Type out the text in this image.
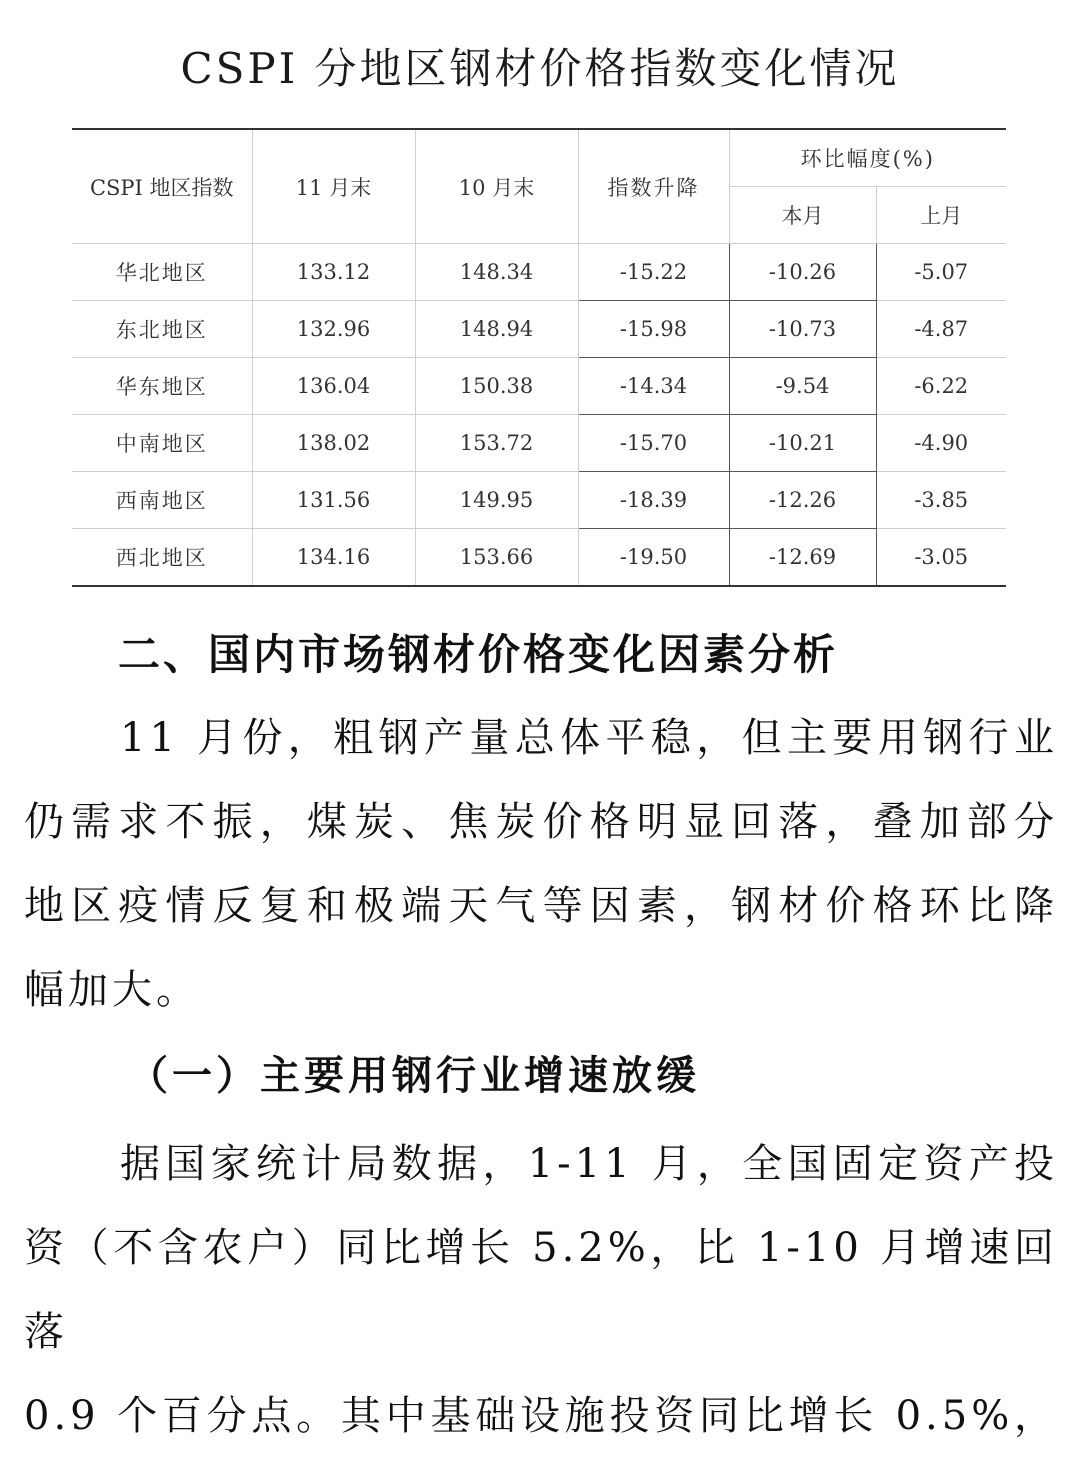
CSPI 分地区钢材价格指数变化情况
CSPI 地区指数	11 月末	10 月末	指数升降	环比幅度(%)	
				本月	上月
华北地区	133.12	148.34	-15.22	-10.26	-5.07
东北地区	132.96	148.94	-15.98	-10.73	-4.87
华东地区	136.04	150.38	-14.34	-9.54	-6.22
中南地区	138.02	153.72	-15.70	-10.21	-4.90
西南地区	131.56	149.95	-18.39	-12.26	-3.85
西北地区	134.16	153.66	-19.50	-12.69	-3.05
二、国内市场钢材价格变化因素分析
11 月份，粗钢产量总体平稳，但主要用钢行业
仍需求不振，煤炭、焦炭价格明显回落，叠加部分
地区疫情反复和极端天气等因素，钢材价格环比降
幅加大。
（一）主要用钢行业增速放缓
据国家统计局数据，1-11 月，全国固定资产投
资（不含农户）同比增长 5.2%，比 1-10 月增速回落
0.9 个百分点。其中基础设施投资同比增长 0.5%，
